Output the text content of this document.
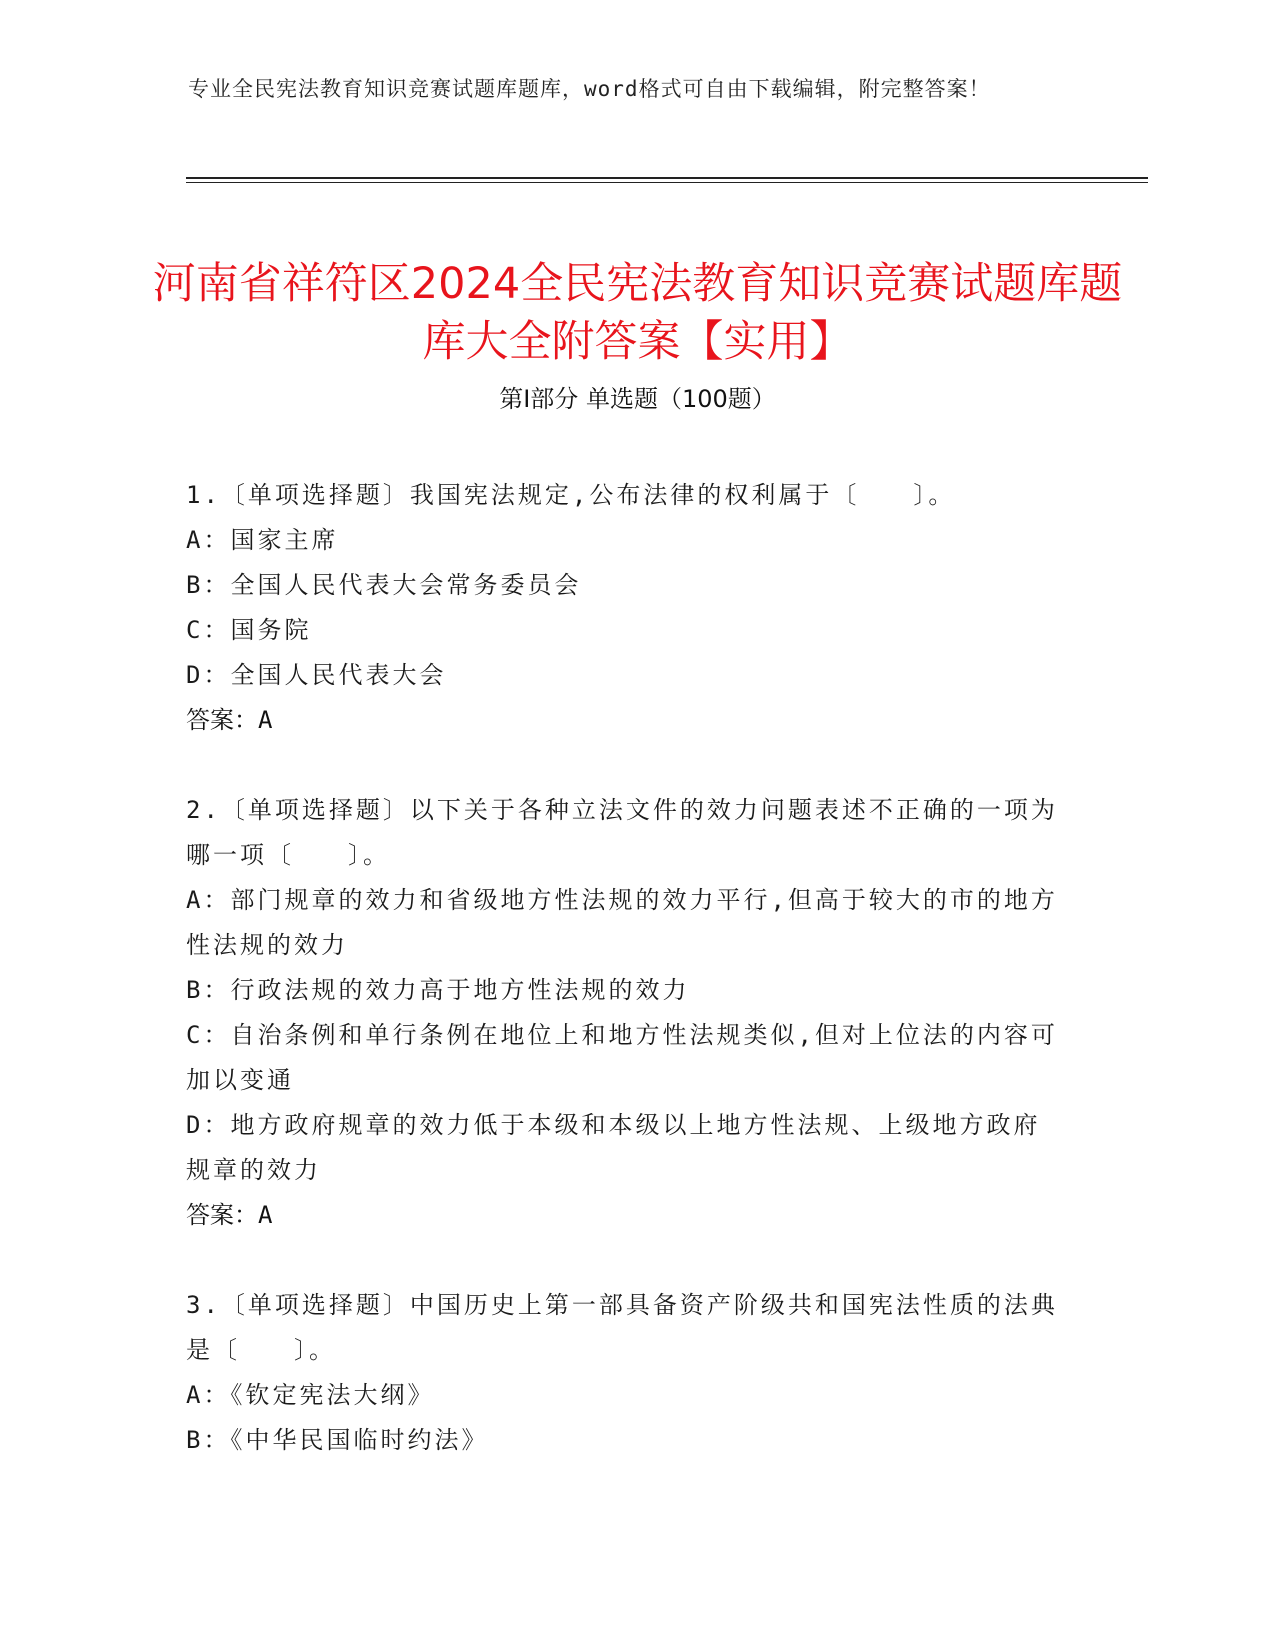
专业全民宪法教育知识竞赛试题库题库，word格式可自由下载编辑，附完整答案！
河南省祥符区2024全民宪法教育知识竞赛试题库题库大全附答案【实用】
第Ⅰ部分 单选题（100题）

1.〔单项选择题〕我国宪法规定,公布法律的权利属于〔　　〕。

A：国家主席

B：全国人民代表大会常务委员会

C：国务院

D：全国人民代表大会

答案：A

2.〔单项选择题〕以下关于各种立法文件的效力问题表述不正确的一项为哪一项〔　　〕。

A：部门规章的效力和省级地方性法规的效力平行,但高于较大的市的地方性法规的效力

B：行政法规的效力高于地方性法规的效力

C：自治条例和单行条例在地位上和地方性法规类似,但对上位法的内容可加以变通

D：地方政府规章的效力低于本级和本级以上地方性法规、上级地方政府规章的效力

答案：A

3.〔单项选择题〕中国历史上第一部具备资产阶级共和国宪法性质的法典是〔　　〕。

A：《钦定宪法大纲》

B：《中华民国临时约法》
